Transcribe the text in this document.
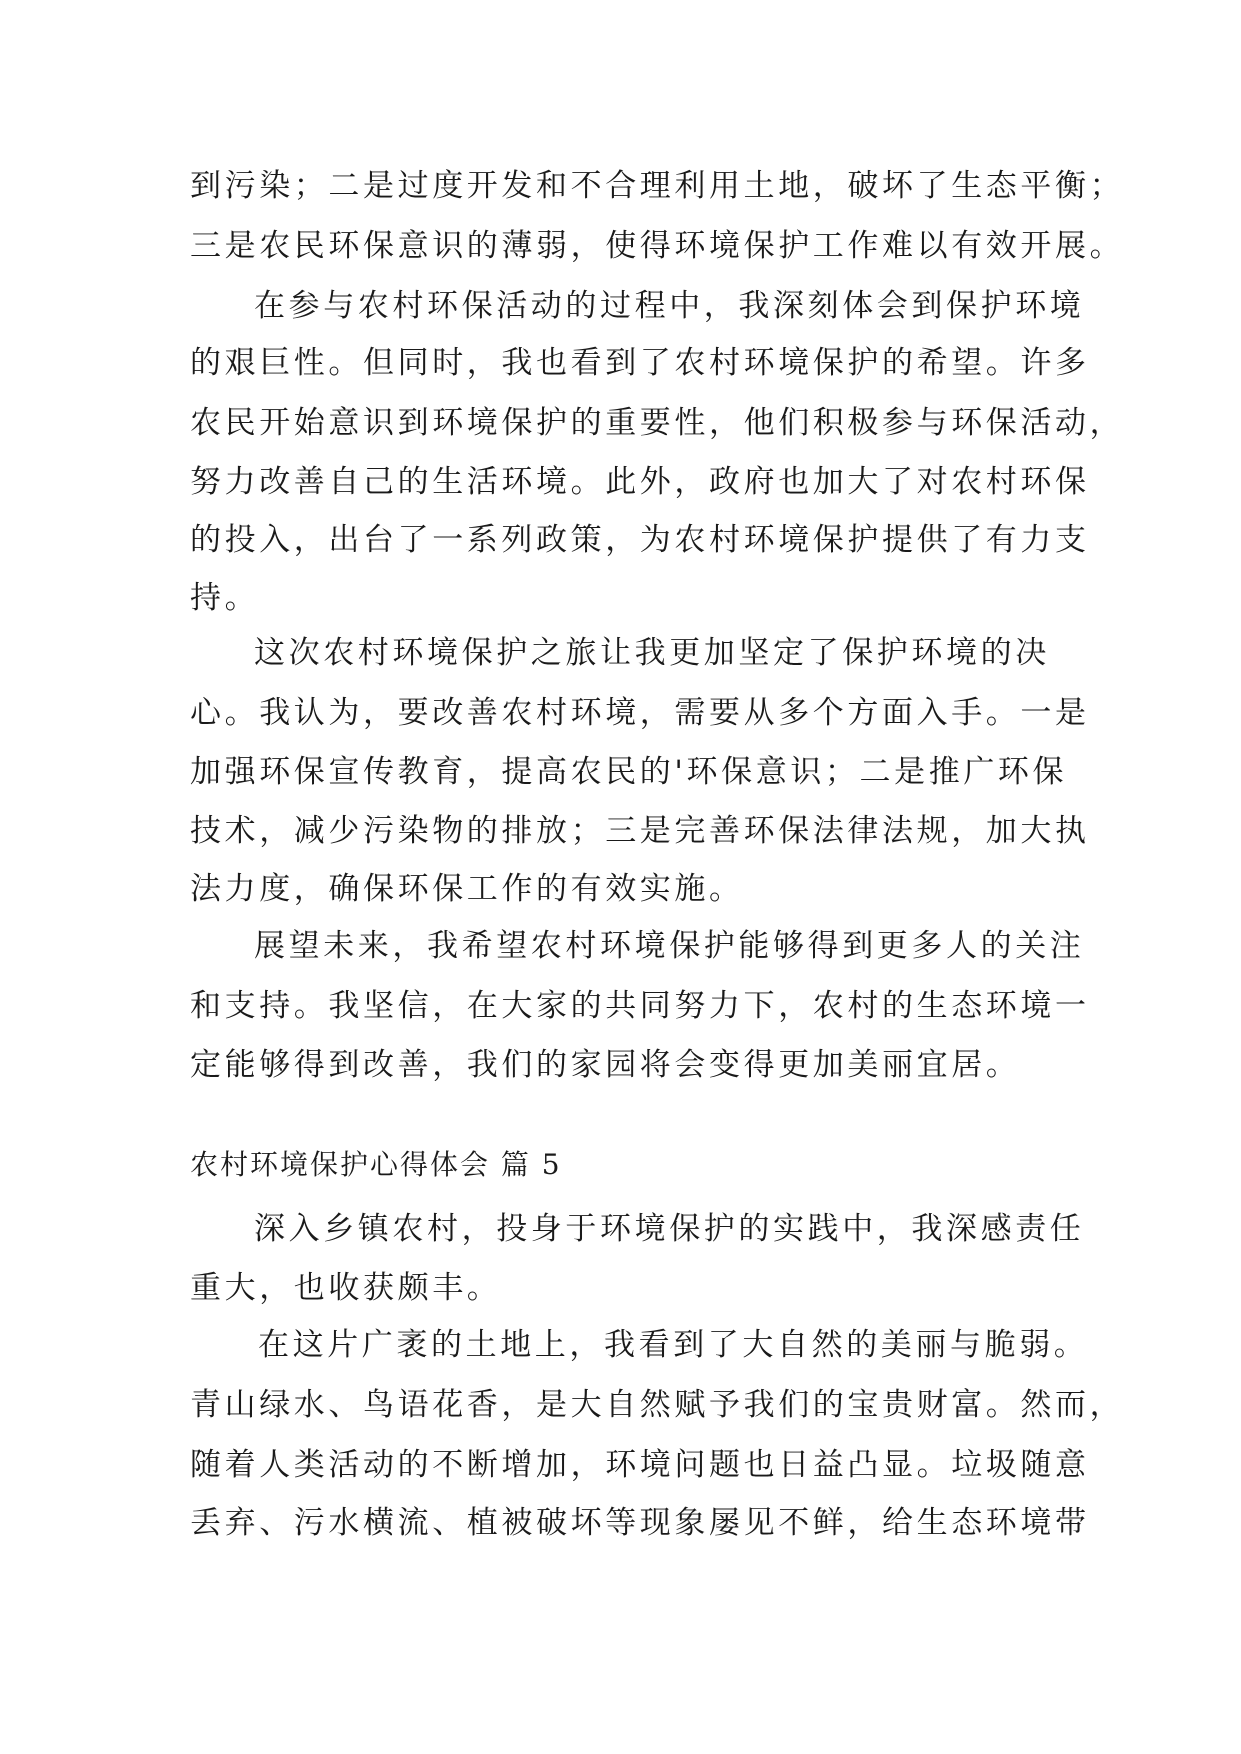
到污染；二是过度开发和不合理利用土地，破坏了生态平衡；
三是农民环保意识的薄弱，使得环境保护工作难以有效开展。
在参与农村环保活动的过程中，我深刻体会到保护环境
的艰巨性。但同时，我也看到了农村环境保护的希望。许多
农民开始意识到环境保护的重要性，他们积极参与环保活动，
努力改善自己的生活环境。此外，政府也加大了对农村环保
的投入，出台了一系列政策，为农村环境保护提供了有力支
持。
这次农村环境保护之旅让我更加坚定了保护环境的决
心。我认为，要改善农村环境，需要从多个方面入手。一是
加强环保宣传教育，提高农民的'环保意识；二是推广环保
技术，减少污染物的排放；三是完善环保法律法规，加大执
法力度，确保环保工作的有效实施。
展望未来，我希望农村环境保护能够得到更多人的关注
和支持。我坚信，在大家的共同努力下，农村的生态环境一
定能够得到改善，我们的家园将会变得更加美丽宜居。
农村环境保护心得体会 篇 5
深入乡镇农村，投身于环境保护的实践中，我深感责任
重大，也收获颇丰。
在这片广袤的土地上，我看到了大自然的美丽与脆弱。
青山绿水、鸟语花香，是大自然赋予我们的宝贵财富。然而，
随着人类活动的不断增加，环境问题也日益凸显。垃圾随意
丢弃、污水横流、植被破坏等现象屡见不鲜，给生态环境带
